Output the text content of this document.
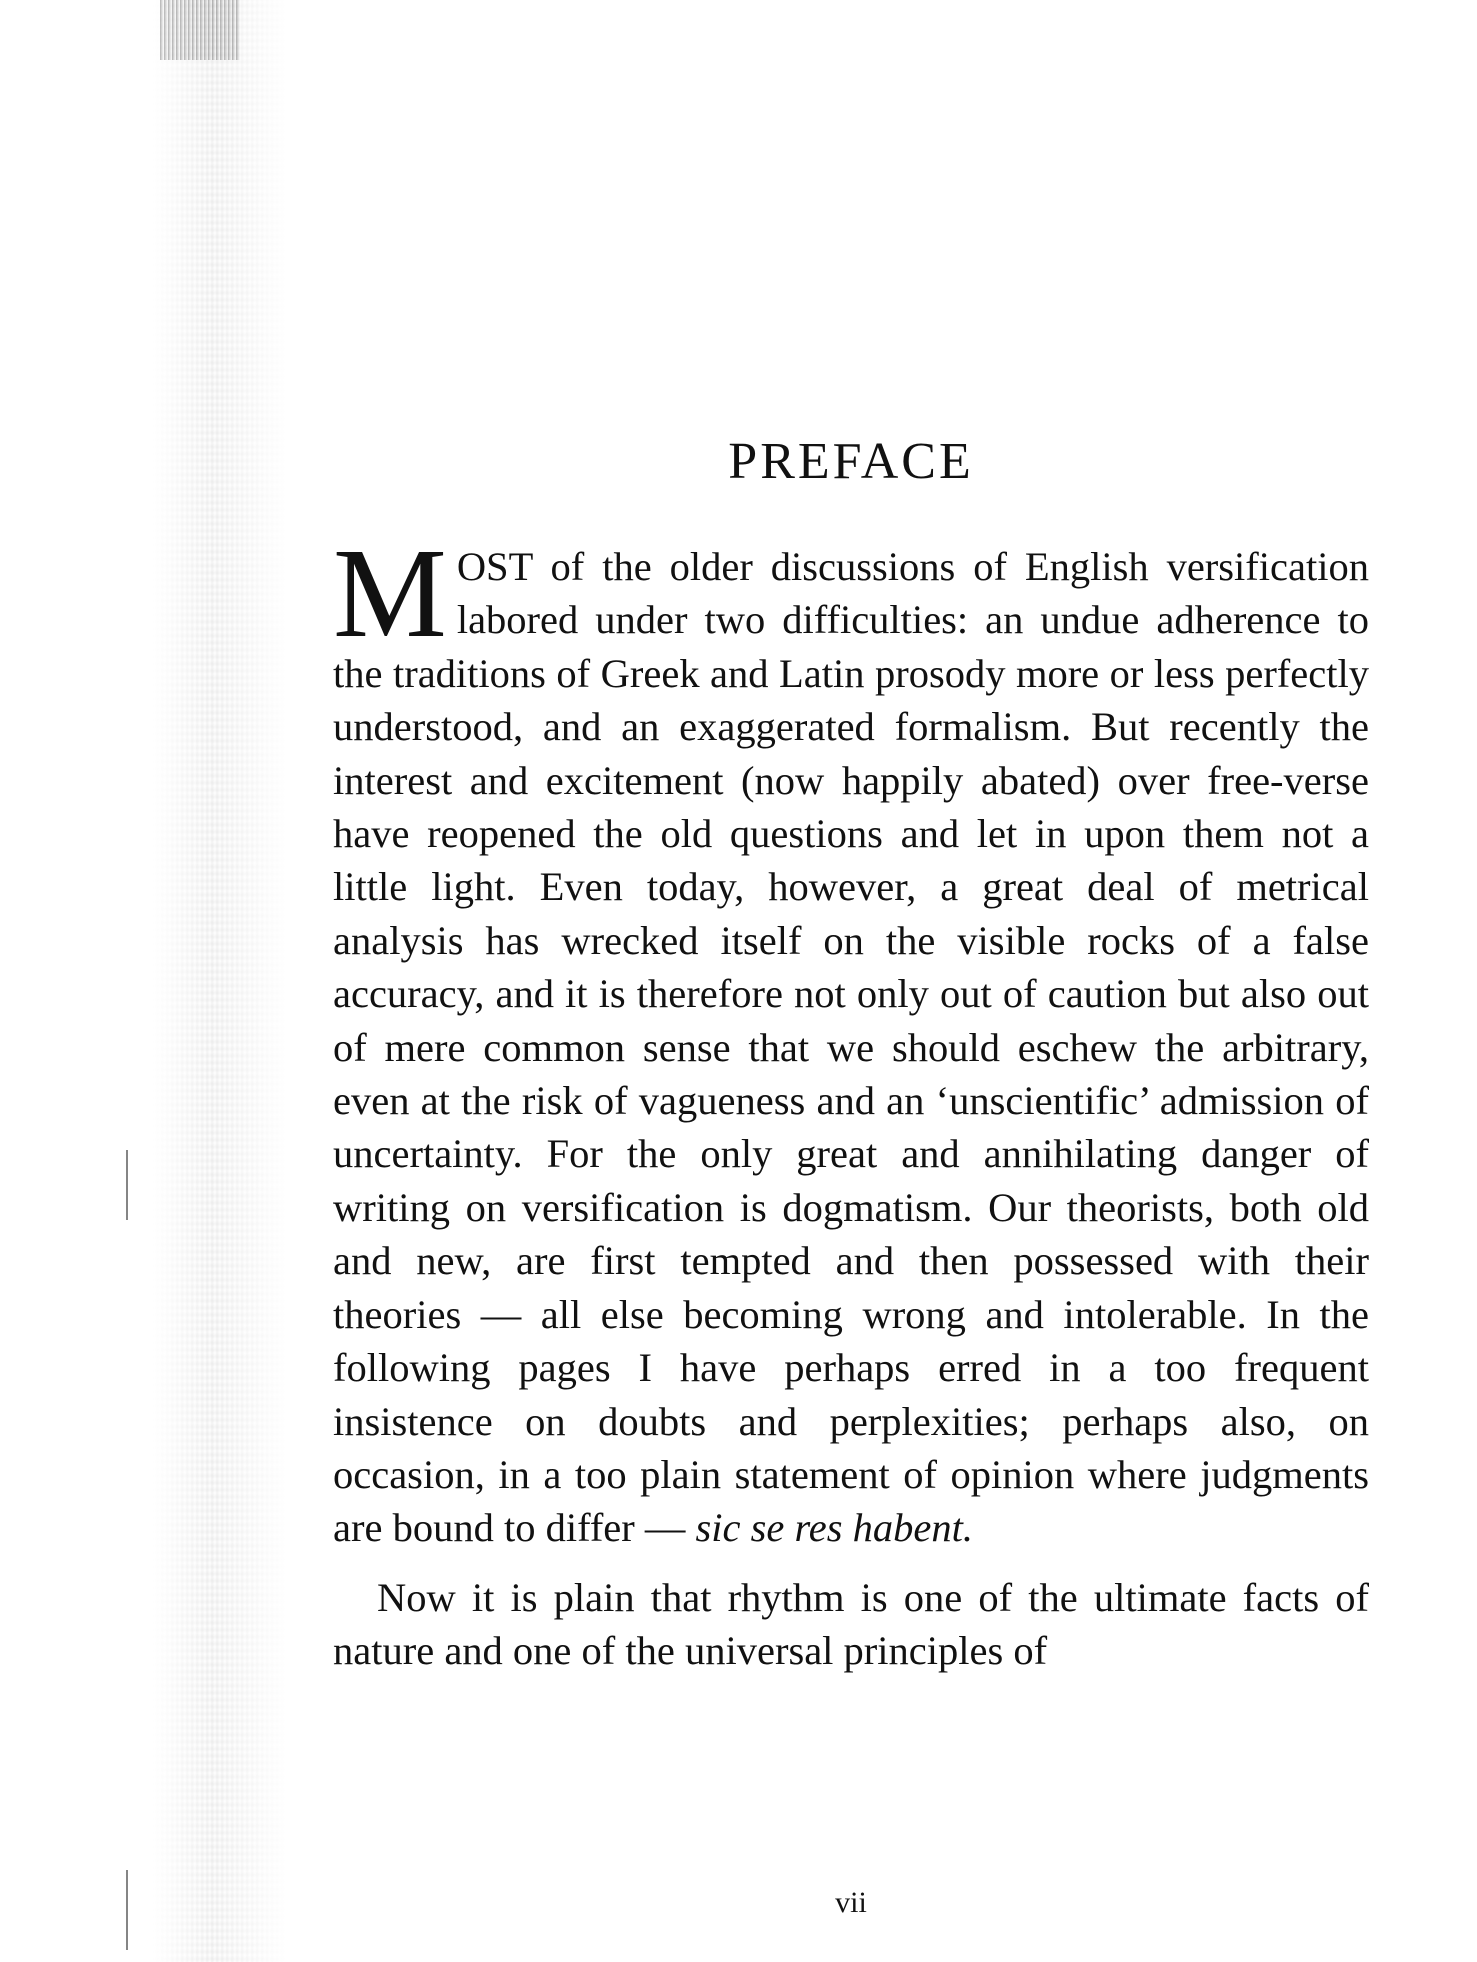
PREFACE

MOST of the older discussions of English versification labored under two difficulties: an undue adherence to the traditions of Greek and Latin prosody more or less perfectly understood, and an exaggerated formalism. But recently the interest and excitement (now happily abated) over free-verse have reopened the old questions and let in upon them not a little light. Even today, however, a great deal of metrical analysis has wrecked itself on the visible rocks of a false accuracy, and it is therefore not only out of caution but also out of mere common sense that we should eschew the arbitrary, even at the risk of vagueness and an ‘unscientific’ admission of uncertainty. For the only great and annihilating danger of writing on versification is dogmatism. Our theorists, both old and new, are first tempted and then possessed with their theories — all else becoming wrong and intolerable. In the following pages I have perhaps erred in a too frequent insistence on doubts and perplexities; perhaps also, on occasion, in a too plain statement of opinion where judgments are bound to differ — sic se res habent.

Now it is plain that rhythm is one of the ultimate facts of nature and one of the universal principles of

vii
